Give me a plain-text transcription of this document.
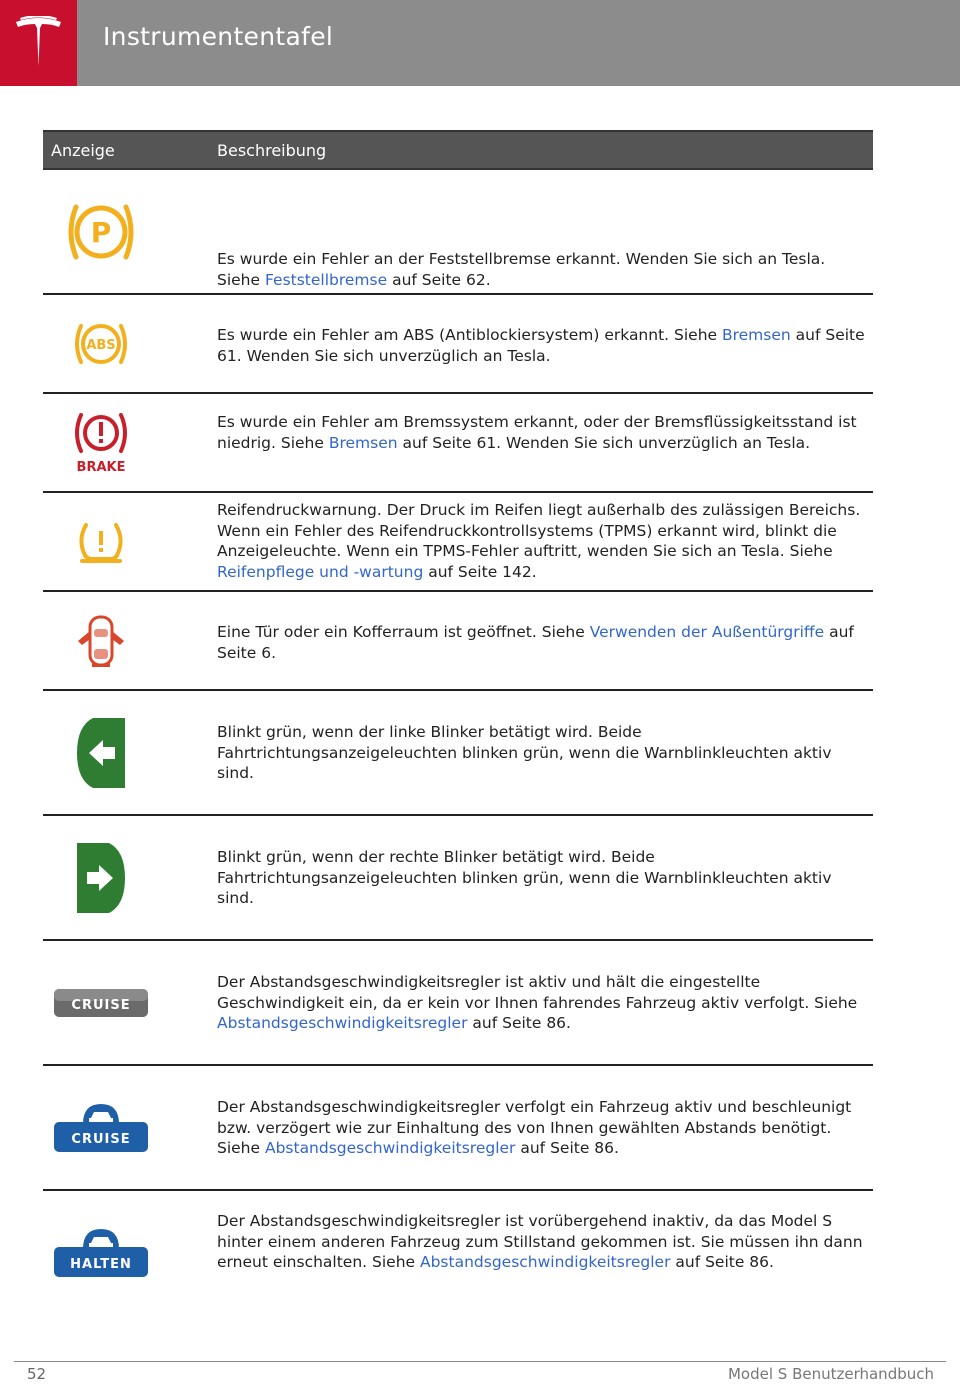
Instrumententafel
Anzeige	Beschreibung
P
Es wurde ein Fehler an der Feststellbremse erkannt. Wenden Sie sich an Tesla. Siehe Feststellbremse auf Seite 62.
ABS
Es wurde ein Fehler am ABS (Antiblockiersystem) erkannt. Siehe Bremsen auf Seite 61. Wenden Sie sich unverzüglich an Tesla.
BRAKE
Es wurde ein Fehler am Bremssystem erkannt, oder der Bremsflüssigkeitsstand ist niedrig. Siehe Bremsen auf Seite 61. Wenden Sie sich unverzüglich an Tesla.
Reifendruckwarnung. Der Druck im Reifen liegt außerhalb des zulässigen Bereichs. Wenn ein Fehler des Reifendruckkontrollsystems (TPMS) erkannt wird, blinkt die Anzeigeleuchte. Wenn ein TPMS-Fehler auftritt, wenden Sie sich an Tesla. Siehe Reifenpflege und -wartung auf Seite 142.
Eine Tür oder ein Kofferraum ist geöffnet. Siehe Verwenden der Außentürgriffe auf Seite 6.
Blinkt grün, wenn der linke Blinker betätigt wird. Beide Fahrtrichtungsanzeigeleuchten blinken grün, wenn die Warnblinkleuchten aktiv sind.
Blinkt grün, wenn der rechte Blinker betätigt wird. Beide Fahrtrichtungsanzeigeleuchten blinken grün, wenn die Warnblinkleuchten aktiv sind.
CRUISE
Der Abstandsgeschwindigkeitsregler ist aktiv und hält die eingestellte Geschwindigkeit ein, da er kein vor Ihnen fahrendes Fahrzeug aktiv verfolgt. Siehe Abstandsgeschwindigkeitsregler auf Seite 86.
CRUISE
Der Abstandsgeschwindigkeitsregler verfolgt ein Fahrzeug aktiv und beschleunigt bzw. verzögert wie zur Einhaltung des von Ihnen gewählten Abstands benötigt. Siehe Abstandsgeschwindigkeitsregler auf Seite 86.
HALTEN
Der Abstandsgeschwindigkeitsregler ist vorübergehend inaktiv, da das Model S hinter einem anderen Fahrzeug zum Stillstand gekommen ist. Sie müssen ihn dann erneut einschalten. Siehe Abstandsgeschwindigkeitsregler auf Seite 86.
52	Model S Benutzerhandbuch
